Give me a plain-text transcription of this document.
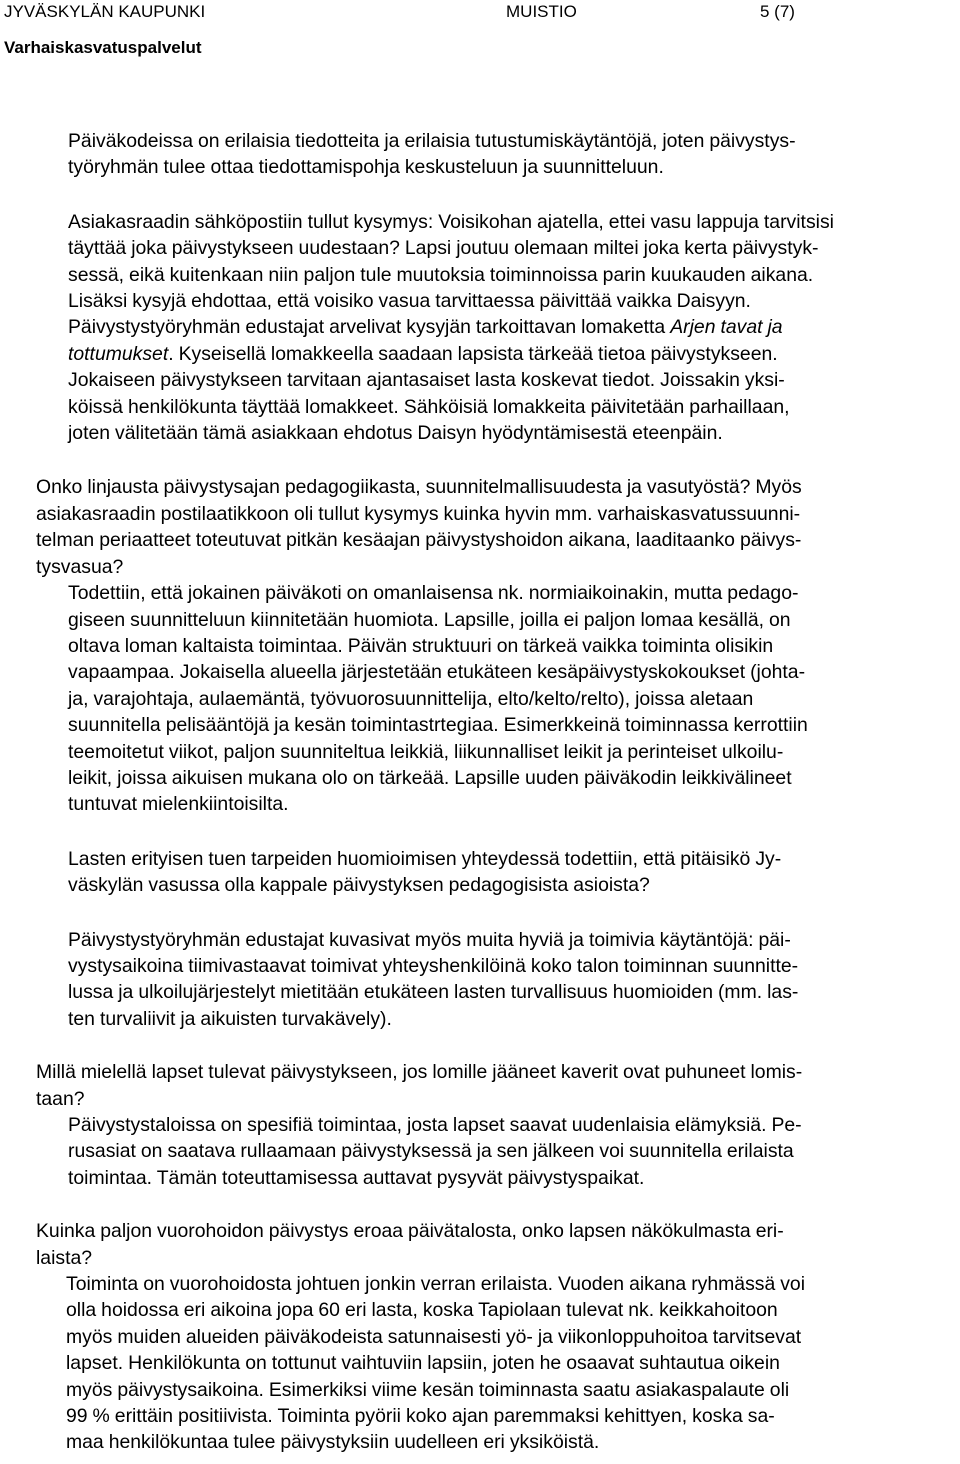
JYVÄSKYLÄN KAUPUNKI
Varhaiskasvatuspalvelut
MUISTIO	5 (7)
Päiväkodeissa on erilaisia tiedotteita ja erilaisia tutustumiskäytäntöjä, joten päivystys-
työryhmän tulee ottaa tiedottamispohja keskusteluun ja suunnitteluun.
Asiakasraadin sähköpostiin tullut kysymys: Voisikohan ajatella, ettei vasu lappuja tarvitsisi
täyttää joka päivystykseen uudestaan? Lapsi joutuu olemaan miltei joka kerta päivystyk-
sessä, eikä kuitenkaan niin paljon tule muutoksia toiminnoissa parin kuukauden aikana.
Lisäksi kysyjä ehdottaa, että voisiko vasua tarvittaessa päivittää vaikka Daisyyn.
Päivystystyöryhmän edustajat arvelivat kysyjän tarkoittavan lomaketta Arjen tavat ja
tottumukset. Kyseisellä lomakkeella saadaan lapsista tärkeää tietoa päivystykseen.
Jokaiseen päivystykseen tarvitaan ajantasaiset lasta koskevat tiedot. Joissakin yksi-
köissä henkilökunta täyttää lomakkeet. Sähköisiä lomakkeita päivitetään parhaillaan,
joten välitetään tämä asiakkaan ehdotus Daisyn hyödyntämisestä eteenpäin.
Onko linjausta päivystysajan pedagogiikasta, suunnitelmallisuudesta ja vasutyöstä? Myös
asiakasraadin postilaatikkoon oli tullut kysymys kuinka hyvin mm. varhaiskasvatussuunni-
telman periaatteet toteutuvat pitkän kesäajan päivystyshoidon aikana, laaditaanko päivys-
tysvasua?
Todettiin, että jokainen päiväkoti on omanlaisensa nk. normiaikoinakin, mutta pedago-
giseen suunnitteluun kiinnitetään huomiota. Lapsille, joilla ei paljon lomaa kesällä, on
oltava loman kaltaista toimintaa. Päivän struktuuri on tärkeä vaikka toiminta olisikin
vapaampaa. Jokaisella alueella järjestetään etukäteen kesäpäivystyskokoukset (johta-
ja, varajohtaja, aulaemäntä, työvuorosuunnittelija, elto/kelto/relto), joissa aletaan
suunnitella pelisääntöjä ja kesän toimintastrtegiaa. Esimerkkeinä toiminnassa kerrottiin
teemoitetut viikot, paljon suunniteltua leikkiä, liikunnalliset leikit ja perinteiset ulkoilu-
leikit, joissa aikuisen mukana olo on tärkeää. Lapsille uuden päiväkodin leikkivälineet
tuntuvat mielenkiintoisilta.
Lasten erityisen tuen tarpeiden huomioimisen yhteydessä todettiin, että pitäisikö Jy-
väskylän vasussa olla kappale päivystyksen pedagogisista asioista?
Päivystystyöryhmän edustajat kuvasivat myös muita hyviä ja toimivia käytäntöjä: päi-
vystysaikoina tiimivastaavat toimivat yhteyshenkilöinä koko talon toiminnan suunnitte-
lussa ja ulkoilujärjestelyt mietitään etukäteen lasten turvallisuus huomioiden (mm. las-
ten turvaliivit ja aikuisten turvakävely).
Millä mielellä lapset tulevat päivystykseen, jos lomille jääneet kaverit ovat puhuneet lomis-
taan?
Päivystystaloissa on spesifiä toimintaa, josta lapset saavat uudenlaisia elämyksiä. Pe-
rusasiat on saatava rullaamaan päivystyksessä ja sen jälkeen voi suunnitella erilaista
toimintaa. Tämän toteuttamisessa auttavat pysyvät päivystyspaikat.
Kuinka paljon vuorohoidon päivystys eroaa päivätalosta, onko lapsen näkökulmasta eri-
laista?
Toiminta on vuorohoidosta johtuen jonkin verran erilaista. Vuoden aikana ryhmässä voi
olla hoidossa eri aikoina jopa 60 eri lasta, koska Tapiolaan tulevat nk. keikkahoitoon
myös muiden alueiden päiväkodeista satunnaisesti yö- ja viikonloppuhoitoa tarvitsevat
lapset. Henkilökunta on tottunut vaihtuviin lapsiin, joten he osaavat suhtautua oikein
myös päivystysaikoina. Esimerkiksi viime kesän toiminnasta saatu asiakaspalaute oli
99 % erittäin positiivista. Toiminta pyörii koko ajan paremmaksi kehittyen, koska sa-
maa henkilökuntaa tulee päivystyksiin uudelleen eri yksiköistä.
